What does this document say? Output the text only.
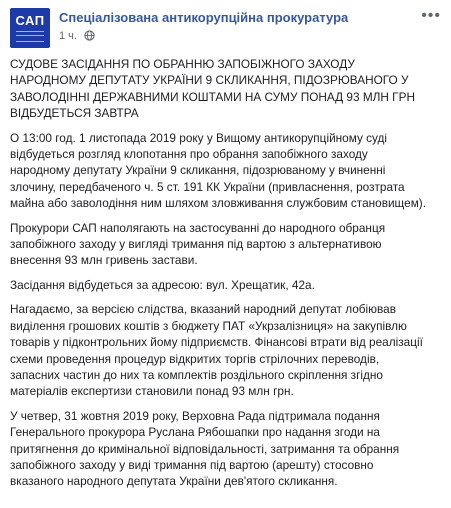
САП	Спеціалізована антикорупційна прокуратура
1 ч.
•••

СУДОВЕ ЗАСІДАННЯ ПО ОБРАННЮ ЗАПОБІЖНОГО ЗАХОДУ НАРОДНОМУ ДЕПУТАТУ УКРАЇНИ 9 СКЛИКАННЯ, ПІДОЗРЮВАНОГО У ЗАВОЛОДІННІ ДЕРЖАВНИМИ КОШТАМИ НА СУМУ ПОНАД 93 МЛН ГРН ВІДБУДЕТЬСЯ ЗАВТРА

О 13:00 год. 1 листопада 2019 року у Вищому антикорупційному суді відбудеться розгляд клопотання про обрання запобіжного заходу народному депутату України 9 скликання, підозрюваному у вчиненні злочину, передбаченого ч. 5 ст. 191 КК України (привласнення, розтрата майна або заволодіння ним шляхом зловживання службовим становищем).

Прокурори САП наполягають на застосуванні до народного обранця запобіжного заходу у вигляді тримання під вартою з альтернативою внесення 93 млн гривень застави.

Засідання відбудеться за адресою: вул. Хрещатик, 42а.

Нагадаємо, за версією слідства, вказаний народний депутат лобіював виділення грошових коштів з бюджету ПАТ «Укрзалізниця» на закупівлю товарів у підконтрольних йому підприємств. Фінансові втрати від реалізації схеми проведення процедур відкритих торгів стрілочних переводів, запасних частин до них та комплектів роздільного скріплення згідно матеріалів експертизи становили понад 93 млн грн.

У четвер, 31 жовтня 2019 року, Верховна Рада підтримала подання Генерального прокурора Руслана Рябошапки про надання згоди на притягнення до кримінальної відповідальності, затримання та обрання запобіжного заходу у виді тримання під вартою (арешту) стосовно вказаного народного депутата України дев'ятого скликання.
